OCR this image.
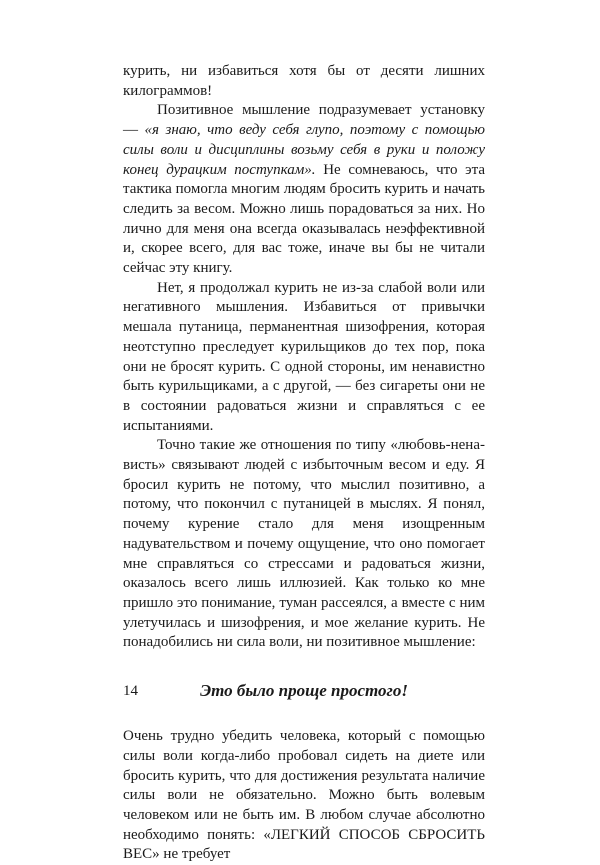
курить, ни избавиться хотя бы от десяти лишних килограммов!

Позитивное мышление подразумевает установку — «я знаю, что веду себя глупо, поэтому с помощью силы воли и дисциплины возьму себя в руки и положу конец дурацким поступкам». Не сомневаюсь, что эта тактика помогла многим людям бросить курить и начать следить за весом. Можно лишь порадоваться за них. Но лично для меня она всегда оказывалась неэффективной и, скорее всего, для вас тоже, иначе вы бы не читали сейчас эту книгу.

Нет, я продолжал курить не из-за слабой воли или негативного мышления. Избавиться от привычки мешала путаница, перманентная шизофрения, которая неотступно преследует курильщиков до тех пор, пока они не бросят курить. С одной стороны, им ненавистно быть курильщиками, а с другой, — без сигареты они не в состоянии радоваться жизни и справляться с ее испытаниями.

Точно такие же отношения по типу «любовь-ненависть» связывают людей с избыточным весом и еду. Я бросил курить не потому, что мыслил позитивно, а потому, что покончил с путаницей в мыслях. Я понял, почему курение стало для меня изощренным надувательством и почему ощущение, что оно помогает мне справляться со стрессами и радоваться жизни, оказалось всего лишь иллюзией. Как только ко мне пришло это понимание, туман рассеялся, а вместе с ним улетучилась и шизофрения, и мое желание курить. Не понадобились ни сила воли, ни позитивное мышление:

Это было проще простого!

Очень трудно убедить человека, который с помощью силы воли когда-либо пробовал сидеть на диете или бросить курить, что для достижения результата наличие силы воли не обязательно. Можно быть волевым человеком или не быть им. В любом случае абсолютно необходимо понять: «ЛЕГКИЙ СПОСОБ СБРОСИТЬ ВЕС» не требует

14
